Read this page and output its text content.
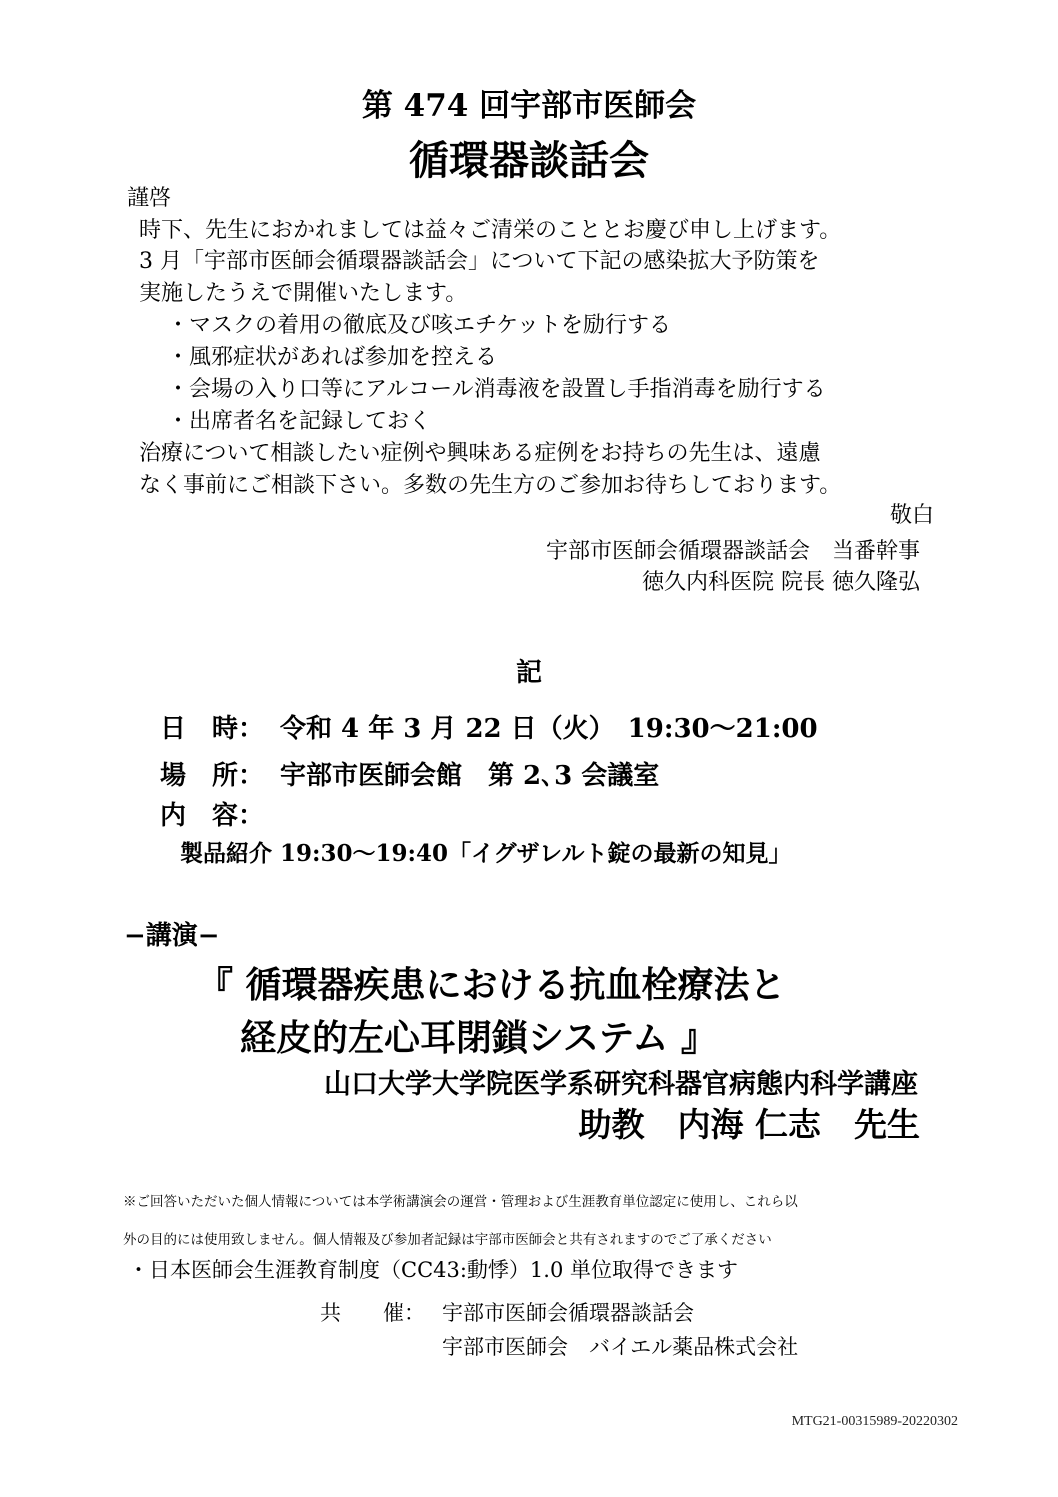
第 474 回宇部市医師会
循環器談話会
謹啓
時下、先生におかれましては益々ご清栄のこととお慶び申し上げます。
3 月「宇部市医師会循環器談話会」について下記の感染拡大予防策を
実施したうえで開催いたします。
・マスクの着用の徹底及び咳エチケットを励行する
・風邪症状があれば参加を控える
・会場の入り口等にアルコール消毒液を設置し手指消毒を励行する
・出席者名を記録しておく
治療について相談したい症例や興味ある症例をお持ちの先生は、遠慮
なく事前にご相談下さい。多数の先生方のご参加お待ちしております。
敬白
宇部市医師会循環器談話会　当番幹事
徳久内科医院 院長 徳久隆弘
記
日　時： 令和 4 年 3 月 22 日（火）　19:30～21:00
場　所： 宇部市医師会館　第 2､3 会議室
内　容：
製品紹介 19:30～19:40「イグザレルト錠の最新の知見」
−講演−
『 循環器疾患における抗血栓療法と
経皮的左心耳閉鎖システム 』
山口大学大学院医学系研究科器官病態内科学講座
助教　内海 仁志　先生
※ご回答いただいた個人情報については本学術講演会の運営・管理および生涯教育単位認定に使用し、これら以
外の目的には使用致しません。個人情報及び参加者記録は宇部市医師会と共有されますのでご了承ください
・日本医師会生涯教育制度（CC43:動悸）1.0 単位取得できます
共　　催： 宇部市医師会循環器談話会
宇部市医師会　バイエル薬品株式会社
MTG21-00315989-20220302
